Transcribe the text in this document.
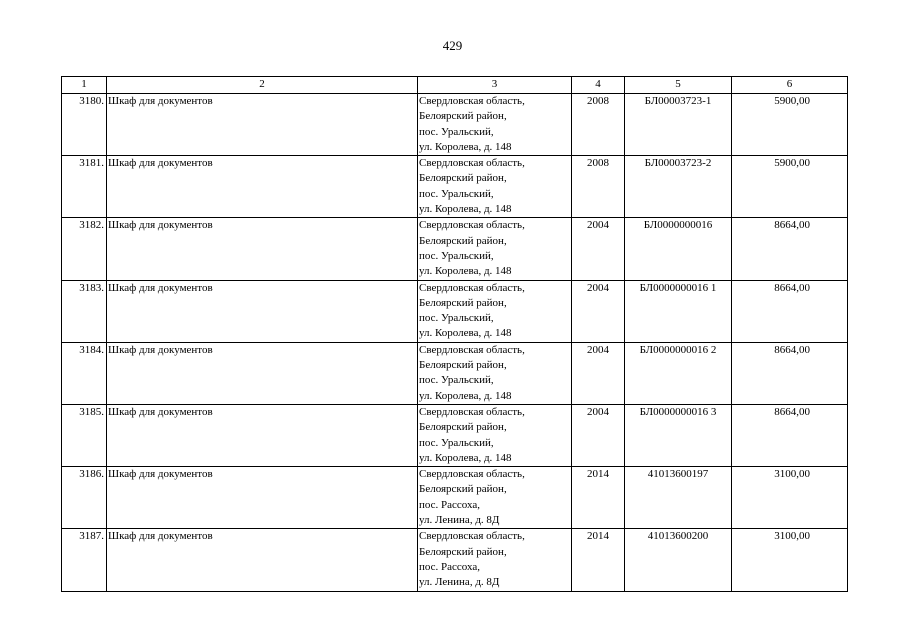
429
1	2	3	4	5	6
3180.	Шкаф для документов	Свердловская область,
Белоярский район,
пос. Уральский,
ул. Королева, д. 148	2008	БЛ00003723-1	5900,00
3181.	Шкаф для документов	Свердловская область,
Белоярский район,
пос. Уральский,
ул. Королева, д. 148	2008	БЛ00003723-2	5900,00
3182.	Шкаф для документов	Свердловская область,
Белоярский район,
пос. Уральский,
ул. Королева, д. 148	2004	БЛ0000000016	8664,00
3183.	Шкаф для документов	Свердловская область,
Белоярский район,
пос. Уральский,
ул. Королева, д. 148	2004	БЛ0000000016 1	8664,00
3184.	Шкаф для документов	Свердловская область,
Белоярский район,
пос. Уральский,
ул. Королева, д. 148	2004	БЛ0000000016 2	8664,00
3185.	Шкаф для документов	Свердловская область,
Белоярский район,
пос. Уральский,
ул. Королева, д. 148	2004	БЛ0000000016 3	8664,00
3186.	Шкаф для документов	Свердловская область,
Белоярский район,
пос. Рассоха,
ул. Ленина, д. 8Д	2014	41013600197	3100,00
3187.	Шкаф для документов	Свердловская область,
Белоярский район,
пос. Рассоха,
ул. Ленина, д. 8Д	2014	41013600200	3100,00
